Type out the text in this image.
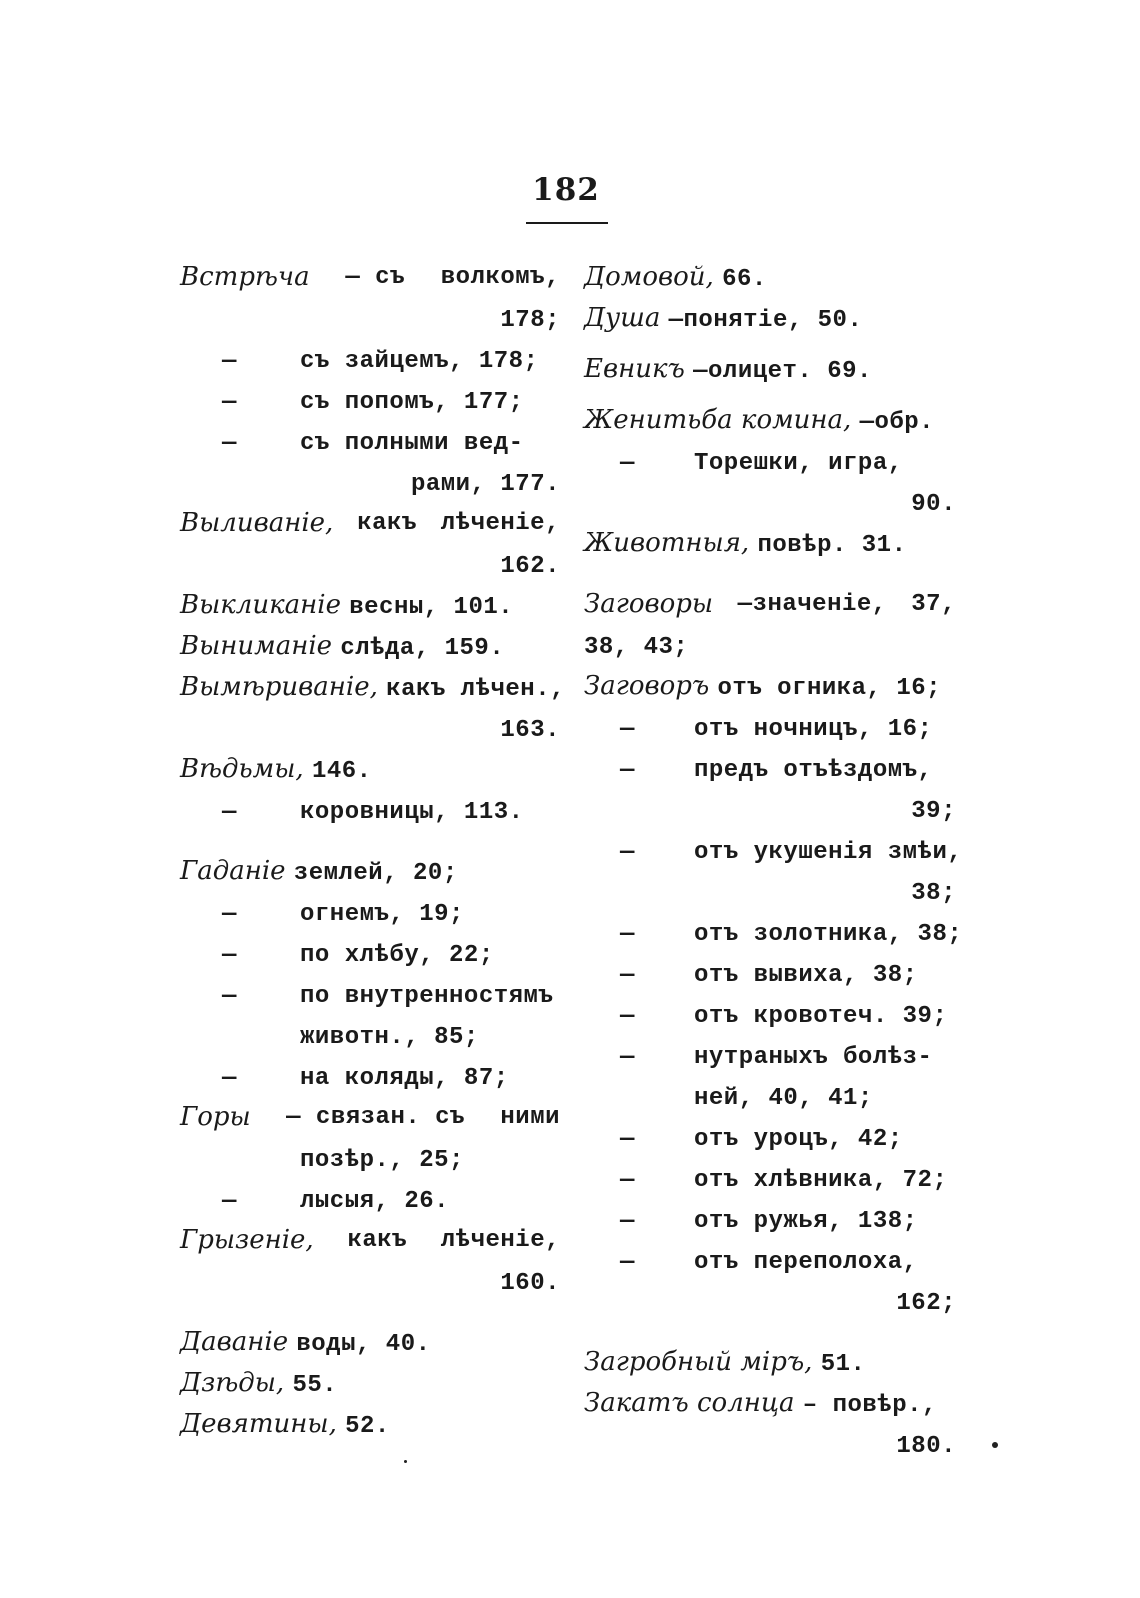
182
Встрѣча — съ волкомъ,
178;
—	съ зайцемъ, 178;
—	съ попомъ, 177;
—	съ полными вед-
рами, 177.
Выливаніе, какъ лѣченіе,
162.
Выкликаніе весны, 101.
Выниманіе слѣда, 159.
Вымѣриваніе, какъ лѣчен.,
163.
Вѣдьмы, 146.
—	коровницы, 113.
Гаданіе землей, 20;
—	огнемъ, 19;
—	по хлѣбу, 22;
—	по внутренностямъ
животн., 85;
—	на коляды, 87;
Горы — связан. съ ними
позѣр., 25;
—	лысыя, 26.
Грызеніе, какъ лѣченіе,
160.
Даваніе воды, 40.
Дзѣды, 55.
Девятины, 52.
Домовой, 66.
Душа —понятіе, 50.
Евникъ —олицет. 69.
Женитьба комина, —обр.
— Торешки, игра,
90.
Животныя, повѣр. 31.
Заговоры —значеніе, 37,
38, 43;
Заговоръ отъ огника, 16;
— отъ ночницъ, 16;
— предъ отъѣздомъ,
39;
— отъ укушенія змѣи,
38;
— отъ золотника, 38;
— отъ вывиха, 38;
— отъ кровотеч. 39;
— нутраныхъ болѣз-
ней, 40, 41;
— отъ уроцъ, 42;
— отъ хлѣвника, 72;
— отъ ружья, 138;
— отъ переполоха,
162;
Загробный міръ, 51.
Закатъ солнца – повѣр.,
180.
